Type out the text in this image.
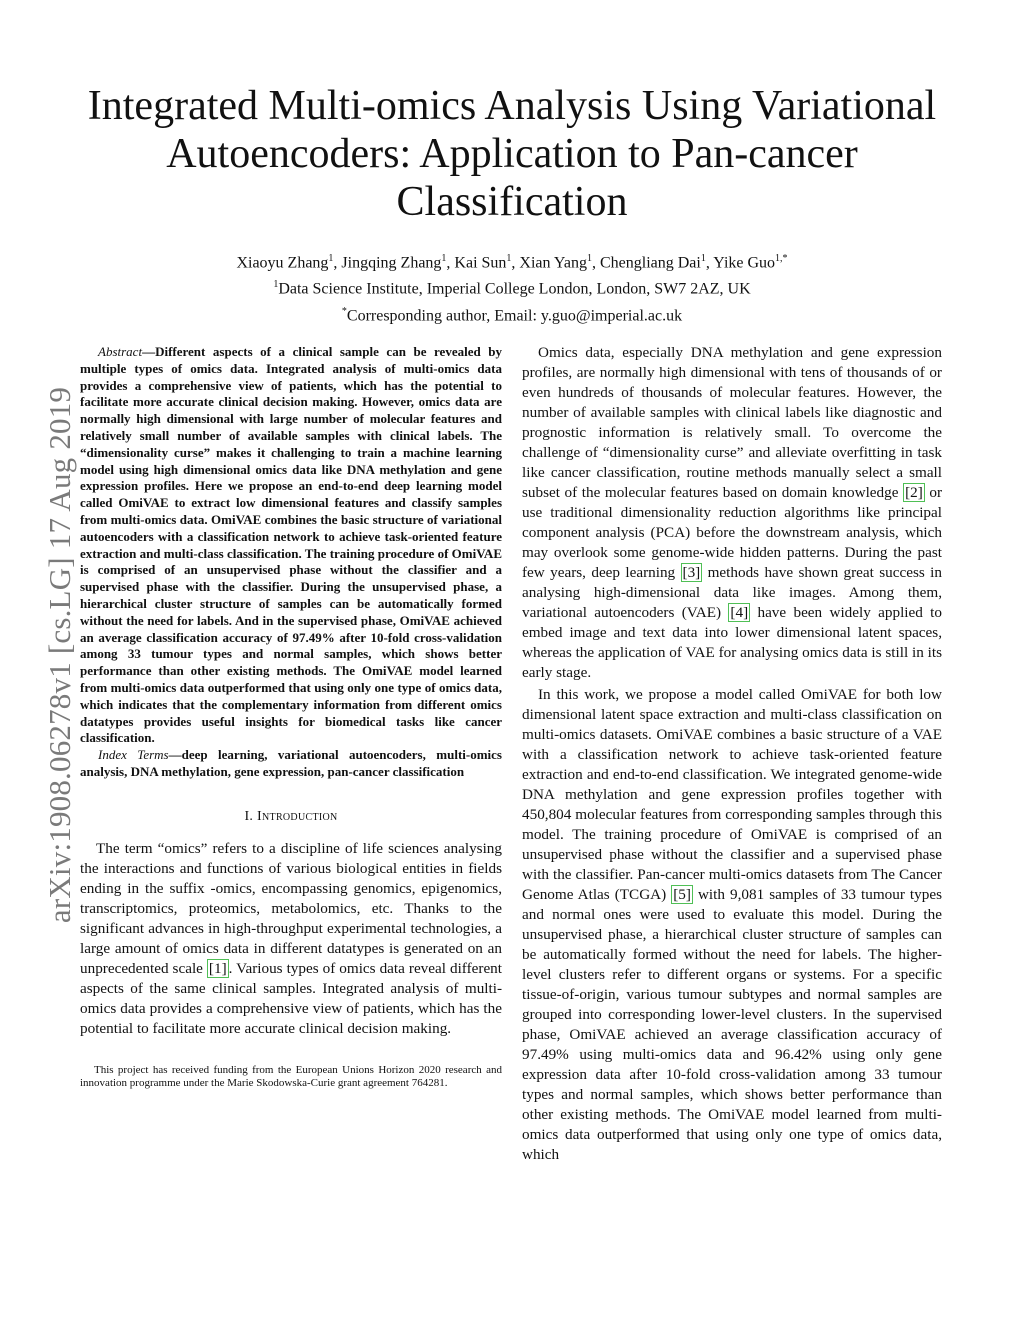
arXiv:1908.06278v1 [cs.LG] 17 Aug 2019
Integrated Multi-omics Analysis Using Variational Autoencoders: Application to Pan-cancer Classification
Xiaoyu Zhang$^1$, Jingqing Zhang$^1$, Kai Sun$^1$, Xian Yang$^1$, Chengliang Dai$^1$, Yike Guo$^{1,*}$
$^1$Data Science Institute, Imperial College London, London, SW7 2AZ, UK
*Corresponding author, Email: y.guo@imperial.ac.uk

Abstract—Different aspects of a clinical sample can be revealed by multiple types of omics data. Integrated analysis of multi-omics data provides a comprehensive view of patients, which has the potential to facilitate more accurate clinical decision making. However, omics data are normally high dimensional with large number of molecular features and relatively small number of available samples with clinical labels. The “dimensionality curse” makes it challenging to train a machine learning model using high dimensional omics data like DNA methylation and gene expression profiles. Here we propose an end-to-end deep learning model called OmiVAE to extract low dimensional features and classify samples from multi-omics data. OmiVAE combines the basic structure of variational autoencoders with a classification network to achieve task-oriented feature extraction and multi-class classification. The training procedure of OmiVAE is comprised of an unsupervised phase without the classifier and a supervised phase with the classifier. During the unsupervised phase, a hierarchical cluster structure of samples can be automatically formed without the need for labels. And in the supervised phase, OmiVAE achieved an average classification accuracy of 97.49% after 10-fold cross-validation among 33 tumour types and normal samples, which shows better performance than other existing methods. The OmiVAE model learned from multi-omics data outperformed that using only one type of omics data, which indicates that the complementary information from different omics datatypes provides useful insights for biomedical tasks like cancer classification.

Index Terms—deep learning, variational autoencoders, multi-omics analysis, DNA methylation, gene expression, pan-cancer classification

I. Introduction

The term “omics” refers to a discipline of life sciences analysing the interactions and functions of various biological entities in fields ending in the suffix -omics, encompassing genomics, epigenomics, transcriptomics, proteomics, metabolomics, etc. Thanks to the significant advances in high-throughput experimental technologies, a large amount of omics data in different datatypes is generated on an unprecedented scale [1] . Various types of omics data reveal different aspects of the same clinical samples. Integrated analysis of multi-omics data provides a comprehensive view of patients, which has the potential to facilitate more accurate clinical decision making.

This project has received funding from the European Unions Horizon 2020 research and innovation programme under the Marie Skodowska-Curie grant agreement 764281.

Omics data, especially DNA methylation and gene expression profiles, are normally high dimensional with tens of thousands of or even hundreds of thousands of molecular features. However, the number of available samples with clinical labels like diagnostic and prognostic information is relatively small. To overcome the challenge of “dimensionality curse” and alleviate overfitting in task like cancer classification, routine methods manually select a small subset of the molecular features based on domain knowledge [2] or use traditional dimensionality reduction algorithms like principal component analysis (PCA) before the downstream analysis, which may overlook some genome-wide hidden patterns. During the past few years, deep learning [3] methods have shown great success in analysing high-dimensional data like images. Among them, variational autoencoders (VAE) [4] have been widely applied to embed image and text data into lower dimensional latent spaces, whereas the application of VAE for analysing omics data is still in its early stage.

In this work, we propose a model called OmiVAE for both low dimensional latent space extraction and multi-class classification on multi-omics datasets. OmiVAE combines a basic structure of a VAE with a classification network to achieve task-oriented feature extraction and end-to-end classification. We integrated genome-wide DNA methylation and gene expression profiles together with 450,804 molecular features from corresponding samples through this model. The training procedure of OmiVAE is comprised of an unsupervised phase without the classifier and a supervised phase with the classifier. Pan-cancer multi-omics datasets from The Cancer Genome Atlas (TCGA) [5] with 9,081 samples of 33 tumour types and normal ones were used to evaluate this model. During the unsupervised phase, a hierarchical cluster structure of samples can be automatically formed without the need for labels. The higher-level clusters refer to different organs or systems. For a specific tissue-of-origin, various tumour subtypes and normal samples are grouped into corresponding lower-level clusters. In the supervised phase, OmiVAE achieved an average classification accuracy of 97.49% using multi-omics data and 96.42% using only gene expression data after 10-fold cross-validation among 33 tumour types and normal samples, which shows better performance than other existing methods. The OmiVAE model learned from multi-omics data outperformed that using only one type of omics data, which
